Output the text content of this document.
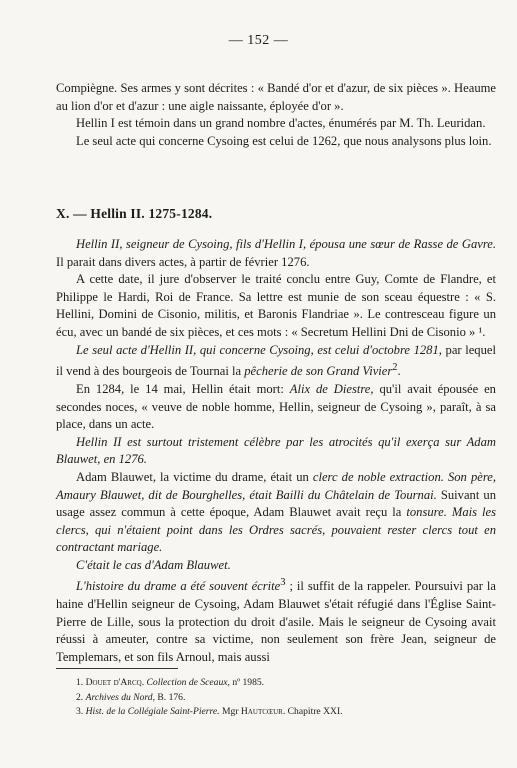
— 152 —

Compiègne. Ses armes y sont décrites : « Bandé d'or et d'azur, de six pièces ». Heaume au lion d'or et d'azur : une aigle naissante, éployée d'or ».

Hellin I est témoin dans un grand nombre d'actes, énumérés par M. Th. Leuridan.

Le seul acte qui concerne Cysoing est celui de 1262, que nous analysons plus loin.

X. — Hellin II. 1275-1284.

Hellin II, seigneur de Cysoing, fils d'Hellin I, épousa une sœur de Rasse de Gavre. Il parait dans divers actes, à partir de février 1276.

A cette date, il jure d'observer le traité conclu entre Guy, Comte de Flandre, et Philippe le Hardi, Roi de France. Sa lettre est munie de son sceau équestre : « S. Hellini, Domini de Cisonio, militis, et Baronis Flandriae ». Le contresceau figure un écu, avec un bandé de six pièces, et ces mots : « Secretum Hellini Dni de Cisonio » ¹.

Le seul acte d'Hellin II, qui concerne Cysoing, est celui d'octobre 1281, par lequel il vend à des bourgeois de Tournai la pêcherie de son Grand Vivier$^2$.

En 1284, le 14 mai, Hellin était mort: Alix de Diestre, qu'il avait épousée en secondes noces, « veuve de noble homme, Hellin, seigneur de Cysoing », paraît, à sa place, dans un acte.

Hellin II est surtout tristement célèbre par les atrocités qu'il exerça sur Adam Blauwet, en 1276.

Adam Blauwet, la victime du drame, était un clerc de noble extraction. Son père, Amaury Blauwet, dit de Bourghelles, était Bailli du Châtelain de Tournai. Suivant un usage assez commun à cette époque, Adam Blauwet avait reçu la tonsure. Mais les clercs, qui n'étaient point dans les Ordres sacrés, pouvaient rester clercs tout en contractant mariage.

C'était le cas d'Adam Blauwet.

L'histoire du drame a été souvent écrite$^3$ ; il suffit de la rappeler. Poursuivi par la haine d'Hellin seigneur de Cysoing, Adam Blauwet s'était réfugié dans l'Église Saint-Pierre de Lille, sous la protection du droit d'asile. Mais le seigneur de Cysoing avait réussi à ameuter, contre sa victime, non seulement son frère Jean, seigneur de Templemars, et son fils Arnoul, mais aussi

1. Douet d'Arcq. Collection de Sceaux, nº 1985.
2. Archives du Nord, B. 176.
3. Hist. de la Collégiale Saint-Pierre. Mgr Hautcœur. Chapitre XXI.
